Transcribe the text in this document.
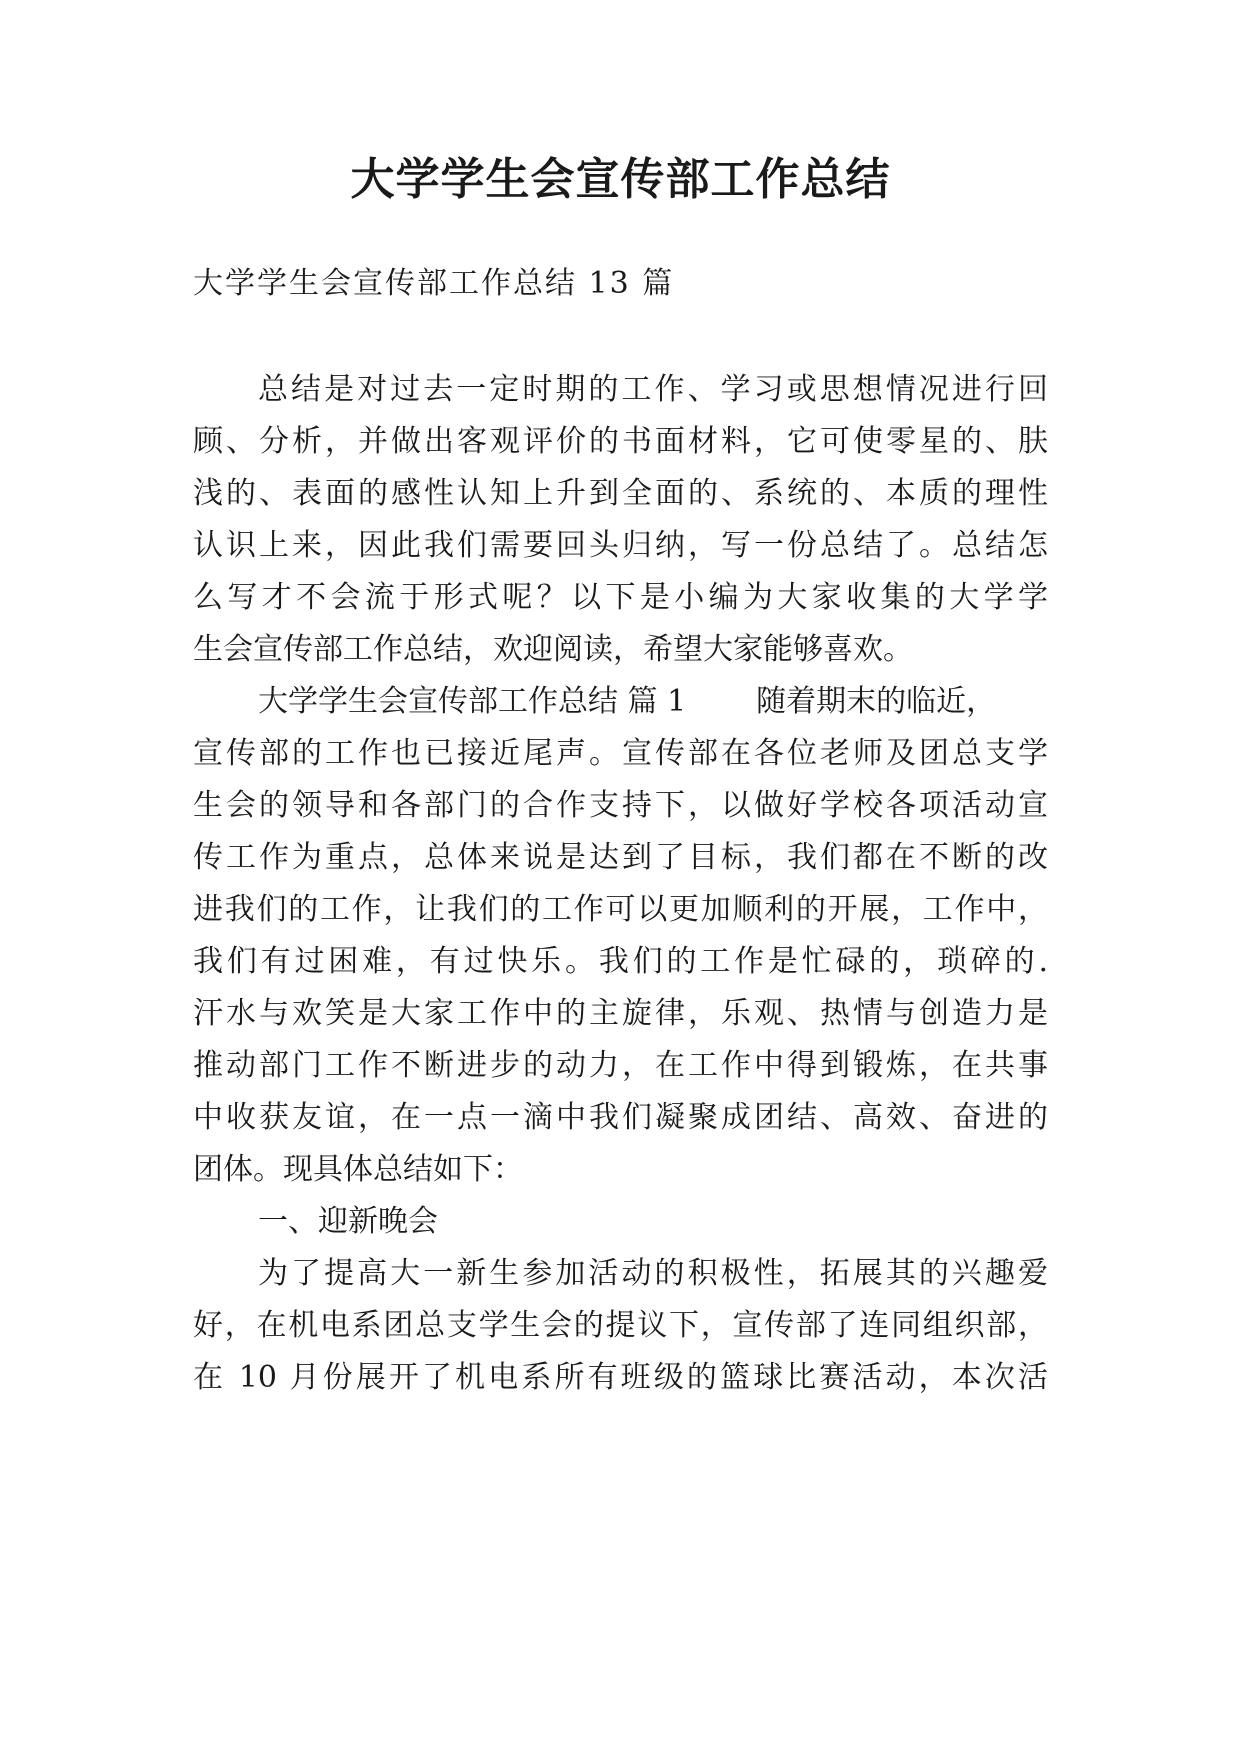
大学学生会宣传部工作总结

大学学生会宣传部工作总结 13 篇

总结是对过去一定时期的工作、学习或思想情况进行回

顾、分析，并做出客观评价的书面材料，它可使零星的、肤

浅的、表面的感性认知上升到全面的、系统的、本质的理性

认识上来，因此我们需要回头归纳，写一份总结了。总结怎

么写才不会流于形式呢？以下是小编为大家收集的大学学

生会宣传部工作总结，欢迎阅读，希望大家能够喜欢。

大学学生会宣传部工作总结 篇 1 随着期末的临近，

宣传部的工作也已接近尾声。宣传部在各位老师及团总支学

生会的领导和各部门的合作支持下，以做好学校各项活动宣

传工作为重点，总体来说是达到了目标，我们都在不断的改

进我们的工作，让我们的工作可以更加顺利的开展，工作中，

我们有过困难，有过快乐。我们的工作是忙碌的，琐碎的.

汗水与欢笑是大家工作中的主旋律，乐观、热情与创造力是

推动部门工作不断进步的动力，在工作中得到锻炼，在共事

中收获友谊，在一点一滴中我们凝聚成团结、高效、奋进的

团体。现具体总结如下：

一、迎新晚会

为了提高大一新生参加活动的积极性，拓展其的兴趣爱

好，在机电系团总支学生会的提议下，宣传部了连同组织部，

在 10 月份展开了机电系所有班级的篮球比赛活动，本次活
